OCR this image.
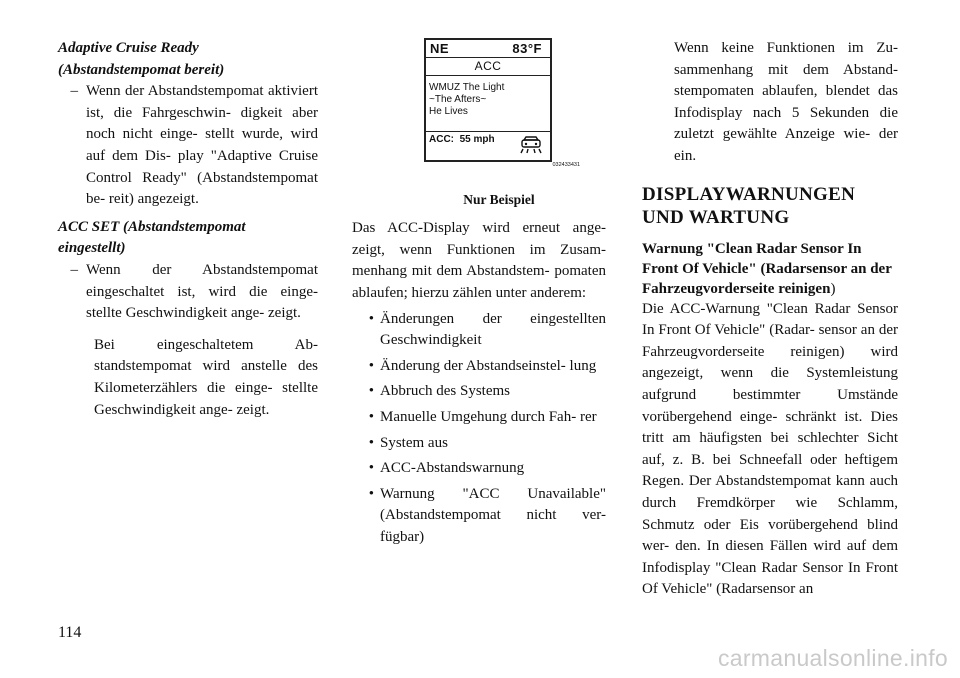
Adaptive Cruise Ready
(Abstandstempomat bereit)

– Wenn der Abstandstempomat aktiviert ist, die Fahrgeschwin- digkeit aber noch nicht einge- stellt wurde, wird auf dem Dis- play "Adaptive Cruise Control Ready" (Abstandstempomat be- reit) angezeigt.

ACC SET (Abstandstempomat
eingestellt)

– Wenn der Abstandstempomat eingeschaltet ist, wird die einge- stellte Geschwindigkeit ange- zeigt.

Bei eingeschaltetem Ab- standstempomat wird anstelle des Kilometerzählers die einge- stellte Geschwindigkeit ange- zeigt.

NE	83°F
ACC
WMUZ The Light
~The Afters~
He Lives
ACC: 55 mph
032433431
Nur Beispiel

Das ACC-Display wird erneut ange- zeigt, wenn Funktionen im Zusam- menhang mit dem Abstandstem- pomaten ablaufen; hierzu zählen unter anderem:

• Änderungen der eingestellten Geschwindigkeit
• Änderung der Abstandseinstel- lung
• Abbruch des Systems
• Manuelle Umgehung durch Fah- rer
• System aus
• ACC-Abstandswarnung
• Warnung "ACC Unavailable" (Abstandstempomat nicht ver- fügbar)

Wenn keine Funktionen im Zu- sammenhang mit dem Abstand- stempomaten ablaufen, blendet das Infodisplay nach 5 Sekunden die zuletzt gewählte Anzeige wie- der ein.

DISPLAYWARNUNGEN
UND WARTUNG

Warnung "Clean Radar Sensor In Front Of Vehicle" (Radarsensor an der Fahrzeugvorderseite reinigen)

Die ACC-Warnung "Clean Radar Sensor In Front Of Vehicle" (Radar- sensor an der Fahrzeugvorderseite reinigen) wird angezeigt, wenn die Systemleistung aufgrund bestimmter Umstände vorübergehend einge- schränkt ist. Dies tritt am häufigsten bei schlechter Sicht auf, z. B. bei Schneefall oder heftigem Regen. Der Abstandstempomat kann auch durch Fremdkörper wie Schlamm, Schmutz oder Eis vorübergehend blind wer- den. In diesen Fällen wird auf dem Infodisplay "Clean Radar Sensor In Front Of Vehicle" (Radarsensor an

114
carmanualsonline.info
